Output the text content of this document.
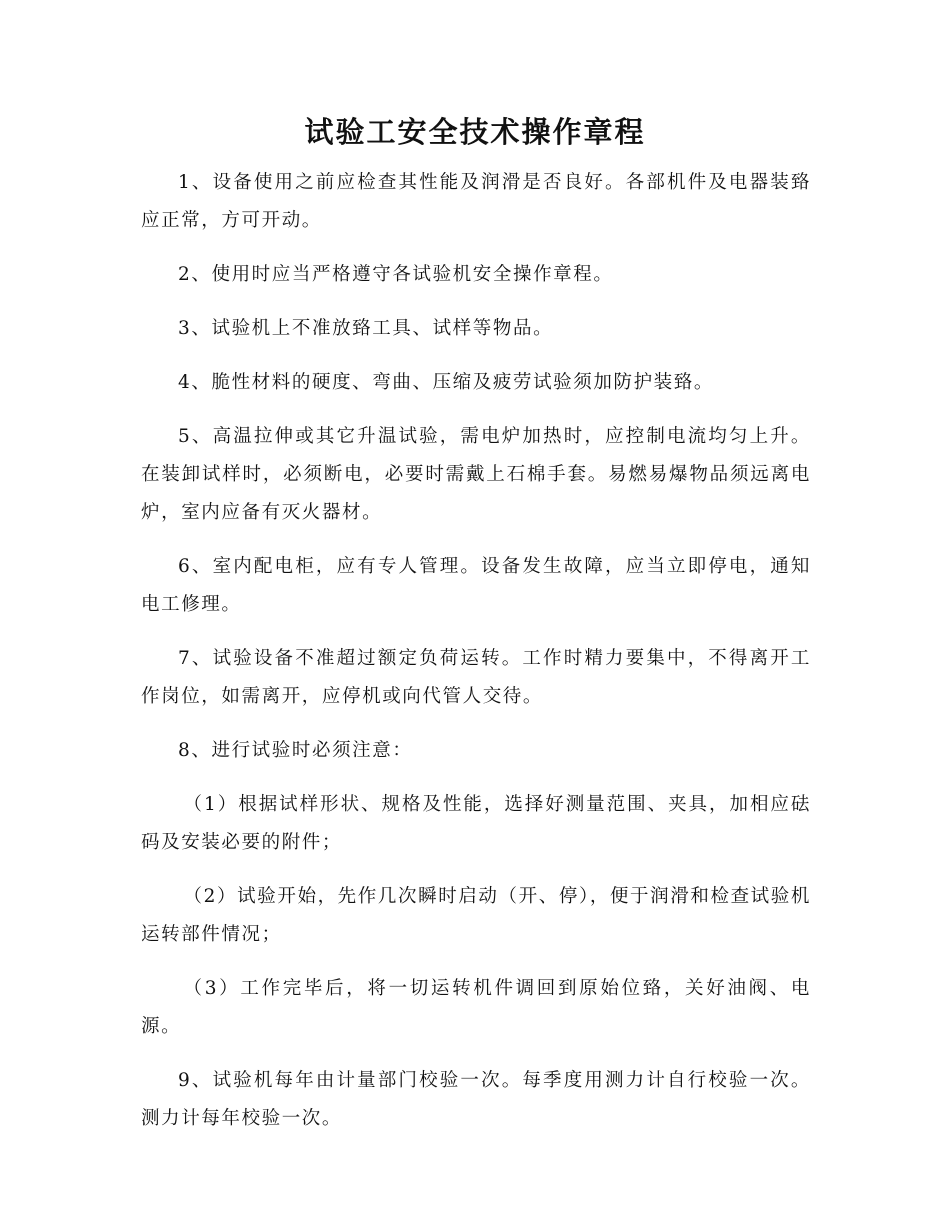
试验工安全技术操作章程

1、设备使用之前应检查其性能及润滑是否良好。各部机件及电器装臵应正常，方可开动。

2、使用时应当严格遵守各试验机安全操作章程。

3、试验机上不准放臵工具、试样等物品。

4、脆性材料的硬度、弯曲、压缩及疲劳试验须加防护装臵。

5、高温拉伸或其它升温试验，需电炉加热时，应控制电流均匀上升。在装卸试样时，必须断电，必要时需戴上石棉手套。易燃易爆物品须远离电炉，室内应备有灭火器材。

6、室内配电柜，应有专人管理。设备发生故障，应当立即停电，通知电工修理。

7、试验设备不准超过额定负荷运转。工作时精力要集中，不得离开工作岗位，如需离开，应停机或向代管人交待。

8、进行试验时必须注意：

（1）根据试样形状、规格及性能，选择好测量范围、夹具，加相应砝码及安装必要的附件；

（2）试验开始，先作几次瞬时启动（开、停），便于润滑和检查试验机运转部件情况；

（3）工作完毕后，将一切运转机件调回到原始位臵，关好油阀、电源。

9、试验机每年由计量部门校验一次。每季度用测力计自行校验一次。测力计每年校验一次。
